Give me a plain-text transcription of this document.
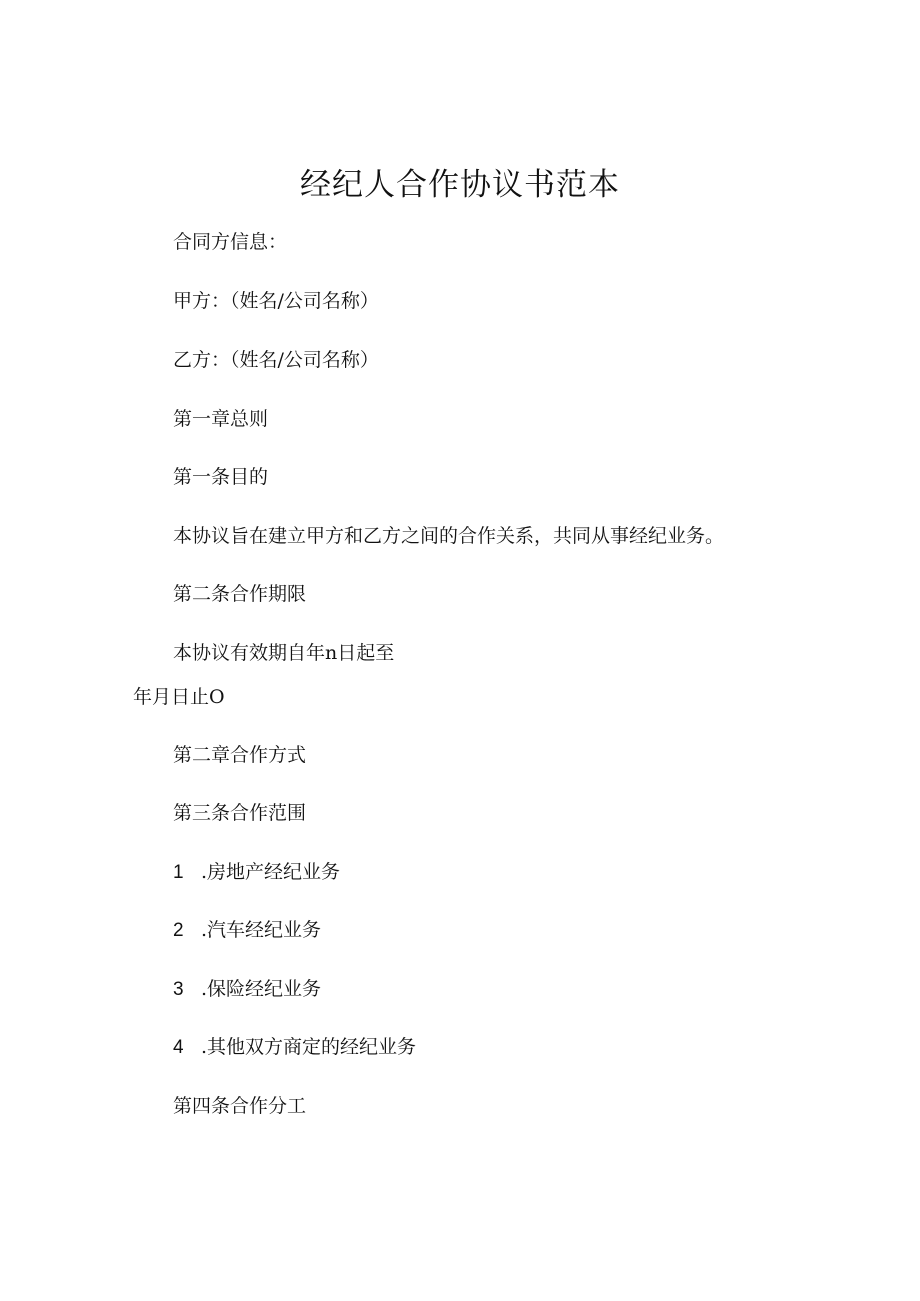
经纪人合作协议书范本

合同方信息：

甲方：（姓名/公司名称）

乙方：（姓名/公司名称）

第一章总则

第一条目的

本协议旨在建立甲方和乙方之间的合作关系，共同从事经纪业务。

第二条合作期限

本协议有效期自年n日起至

年月日止O

第二章合作方式

第三条合作范围

1 .房地产经纪业务

2 .汽车经纪业务

3 .保险经纪业务

4 .其他双方商定的经纪业务

第四条合作分工
